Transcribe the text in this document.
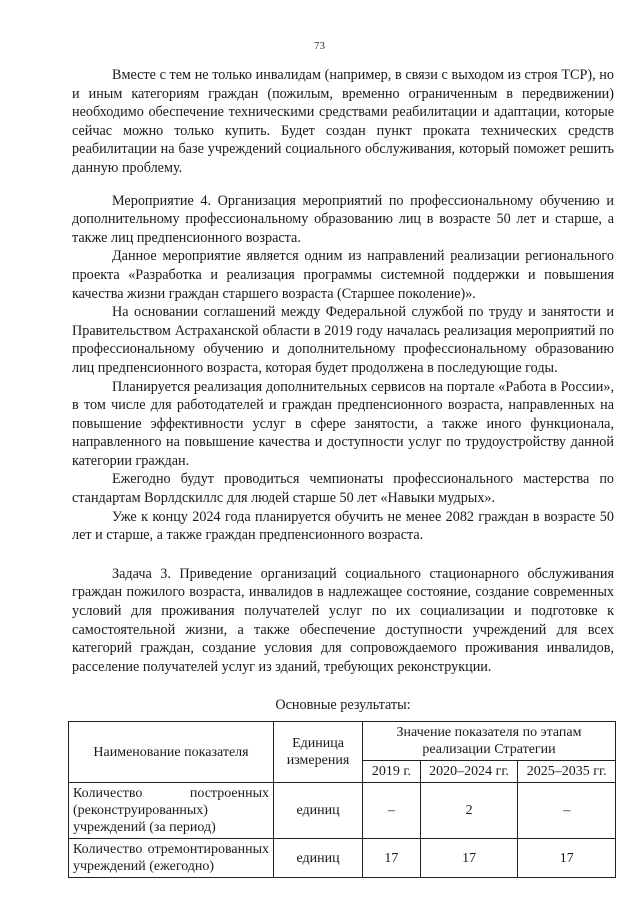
73

Вместе с тем не только инвалидам (например, в связи с выходом из строя ТСР), но и иным категориям граждан (пожилым, временно ограниченным в передвижении) необходимо обеспечение техническими средствами реабилитации и адаптации, которые сейчас можно только купить. Будет создан пункт проката технических средств реабилитации на базе учреждений социального обслуживания, который поможет решить данную проблему.

Мероприятие 4. Организация мероприятий по профессиональному обучению и дополнительному профессиональному образованию лиц в возрасте 50 лет и старше, а также лиц предпенсионного возраста.

Данное мероприятие является одним из направлений реализации регионального проекта «Разработка и реализация программы системной поддержки и повышения качества жизни граждан старшего возраста (Старшее поколение)».

На основании соглашений между Федеральной службой по труду и занятости и Правительством Астраханской области в 2019 году началась реализация мероприятий по профессиональному обучению и дополнительному профессиональному образованию лиц предпенсионного возраста, которая будет продолжена в последующие годы.

Планируется реализация дополнительных сервисов на портале «Работа в России», в том числе для работодателей и граждан предпенсионного возраста, направленных на повышение эффективности услуг в сфере занятости, а также иного функционала, направленного на повышение качества и доступности услуг по трудоустройству данной категории граждан.

Ежегодно будут проводиться чемпионаты профессионального мастерства по стандартам Ворлдскиллс для людей старше 50 лет «Навыки мудрых».

Уже к концу 2024 года планируется обучить не менее 2082 граждан в возрасте 50 лет и старше, а также граждан предпенсионного возраста.

Задача 3. Приведение организаций социального стационарного обслуживания граждан пожилого возраста, инвалидов в надлежащее состояние, создание современных условий для проживания получателей услуг по их социализации и подготовке к самостоятельной жизни, а также обеспечение доступности учреждений для всех категорий граждан, создание условия для сопровождаемого проживания инвалидов, расселение получателей услуг из зданий, требующих реконструкции.

Основные результаты:
Наименование показателя	Единица измерения	Значение показателя по этапам реализации Стратегии		
		2019 г.	2020–2024 гг.	2025–2035 гг.
Количество построенных (реконструированных) учреждений (за период)	единиц	–	2	–
Количество отремонтированных учреждений (ежегодно)	единиц	17	17	17
